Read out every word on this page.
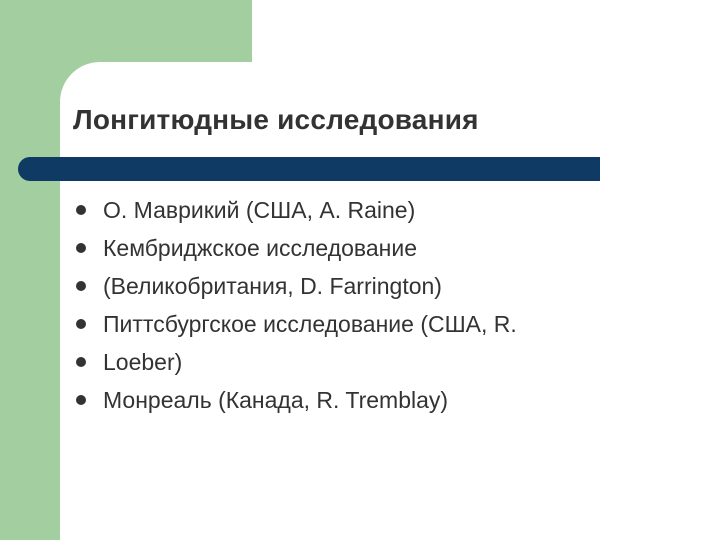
Лонгитюдные исследования
О. Маврикий (США, A. Raine)
Кембриджское исследование
(Великобритания, D. Farrington)
Питтсбургское исследование (США, R.
Loeber)
Монреаль (Канада, R. Tremblay)
